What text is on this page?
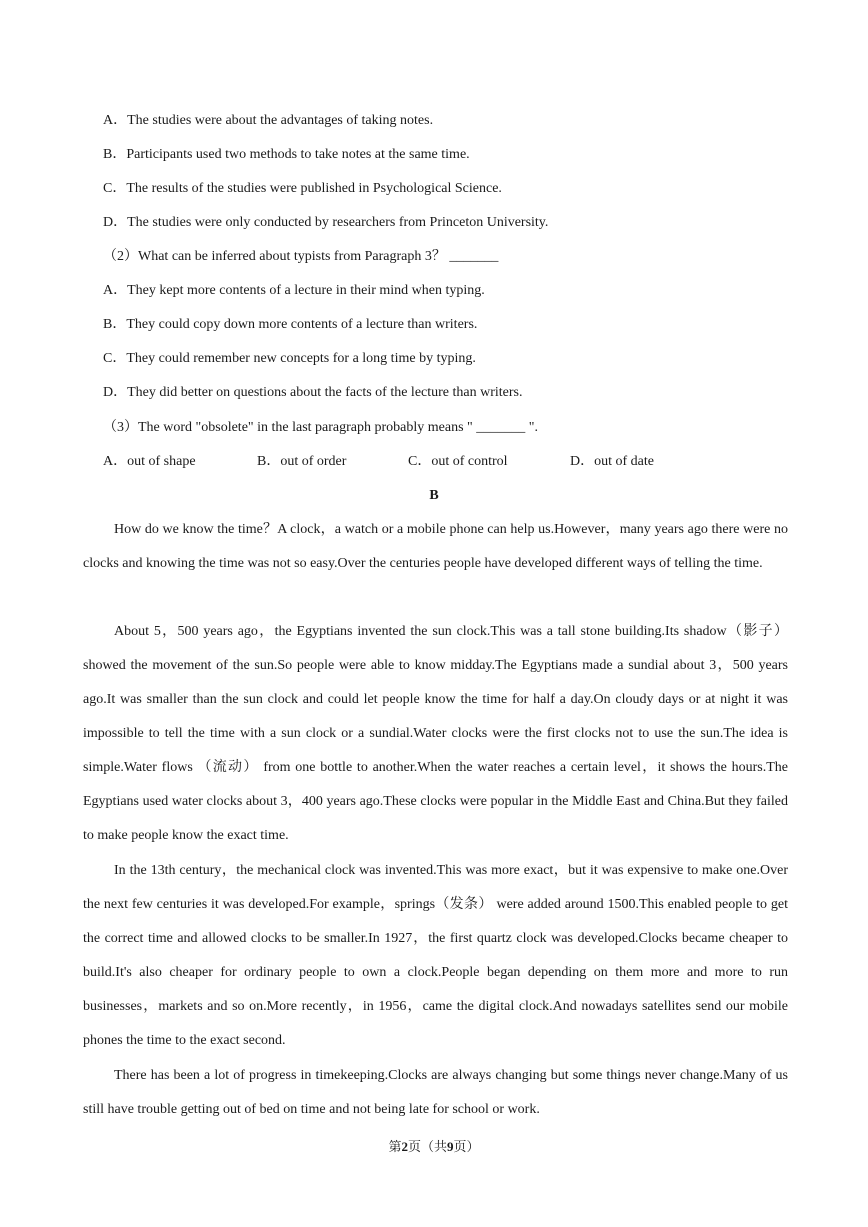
A．The studies were about the advantages of taking notes.
B．Participants used two methods to take notes at the same time.
C．The results of the studies were published in Psychological Science.
D．The studies were only conducted by researchers from Princeton University.
（2）What can be inferred about typists from Paragraph 3？ _______
A．They kept more contents of a lecture in their mind when typing.
B．They could copy down more contents of a lecture than writers.
C．They could remember new concepts for a long time by typing.
D．They did better on questions about the facts of the lecture than writers.
（3）The word "obsolete" in the last paragraph probably means " _______ ".
A．out of shape	B．out of order	C．out of control	D．out of date
B

How do we know the time？A clock，a watch or a mobile phone can help us.However，many years ago there were no clocks and knowing the time was not so easy.Over the centuries people have developed different ways of telling the time.

About 5，500 years ago，the Egyptians invented the sun clock.This was a tall stone building.Its shadow（影子） showed the movement of the sun.So people were able to know midday.The Egyptians made a sundial about 3，500 years ago.It was smaller than the sun clock and could let people know the time for half a day.On cloudy days or at night it was impossible to tell the time with a sun clock or a sundial.Water clocks were the first clocks not to use the sun.The idea is simple.Water flows （流动） from one bottle to another.When the water reaches a certain level，it shows the hours.The Egyptians used water clocks about 3，400 years ago.These clocks were popular in the Middle East and China.But they failed to make people know the exact time.

In the 13th century，the mechanical clock was invented.This was more exact，but it was expensive to make one.Over the next few centuries it was developed.For example，springs（发条） were added around 1500.This enabled people to get the correct time and allowed clocks to be smaller.In 1927，the first quartz clock was developed.Clocks became cheaper to build.It's also cheaper for ordinary people to own a clock.People began depending on them more and more to run businesses，markets and so on.More recently，in 1956，came the digital clock.And nowadays satellites send our mobile phones the time to the exact second.

There has been a lot of progress in timekeeping.Clocks are always changing but some things never change.Many of us still have trouble getting out of bed on time and not being late for school or work.

第2页（共9页）
